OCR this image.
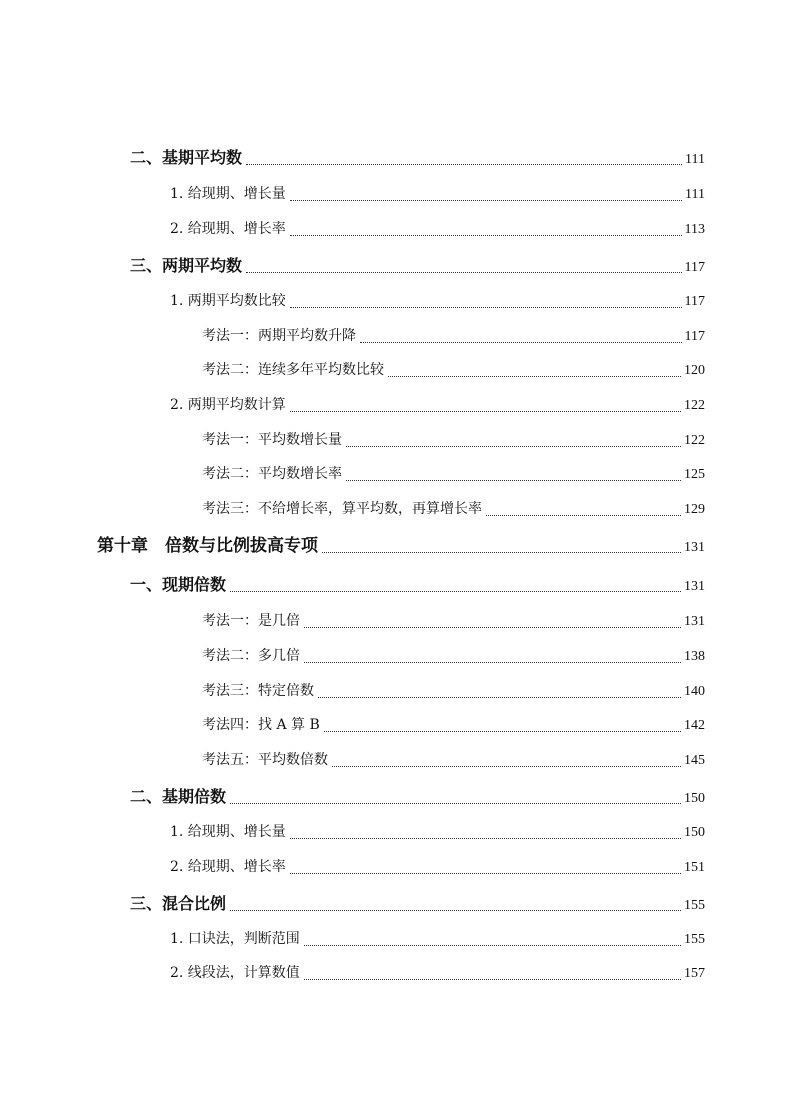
二、基期平均数	111
1. 给现期、增长量	111
2. 给现期、增长率	113
三、两期平均数	117
1. 两期平均数比较	117
考法一：两期平均数升降	117
考法二：连续多年平均数比较	120
2. 两期平均数计算	122
考法一：平均数增长量	122
考法二：平均数增长率	125
考法三：不给增长率，算平均数，再算增长率	129
第十章　倍数与比例拔高专项	131
一、现期倍数	131
考法一：是几倍	131
考法二：多几倍	138
考法三：特定倍数	140
考法四：找 A 算 B	142
考法五：平均数倍数	145
二、基期倍数	150
1. 给现期、增长量	150
2. 给现期、增长率	151
三、混合比例	155
1. 口诀法，判断范围	155
2. 线段法，计算数值	157
